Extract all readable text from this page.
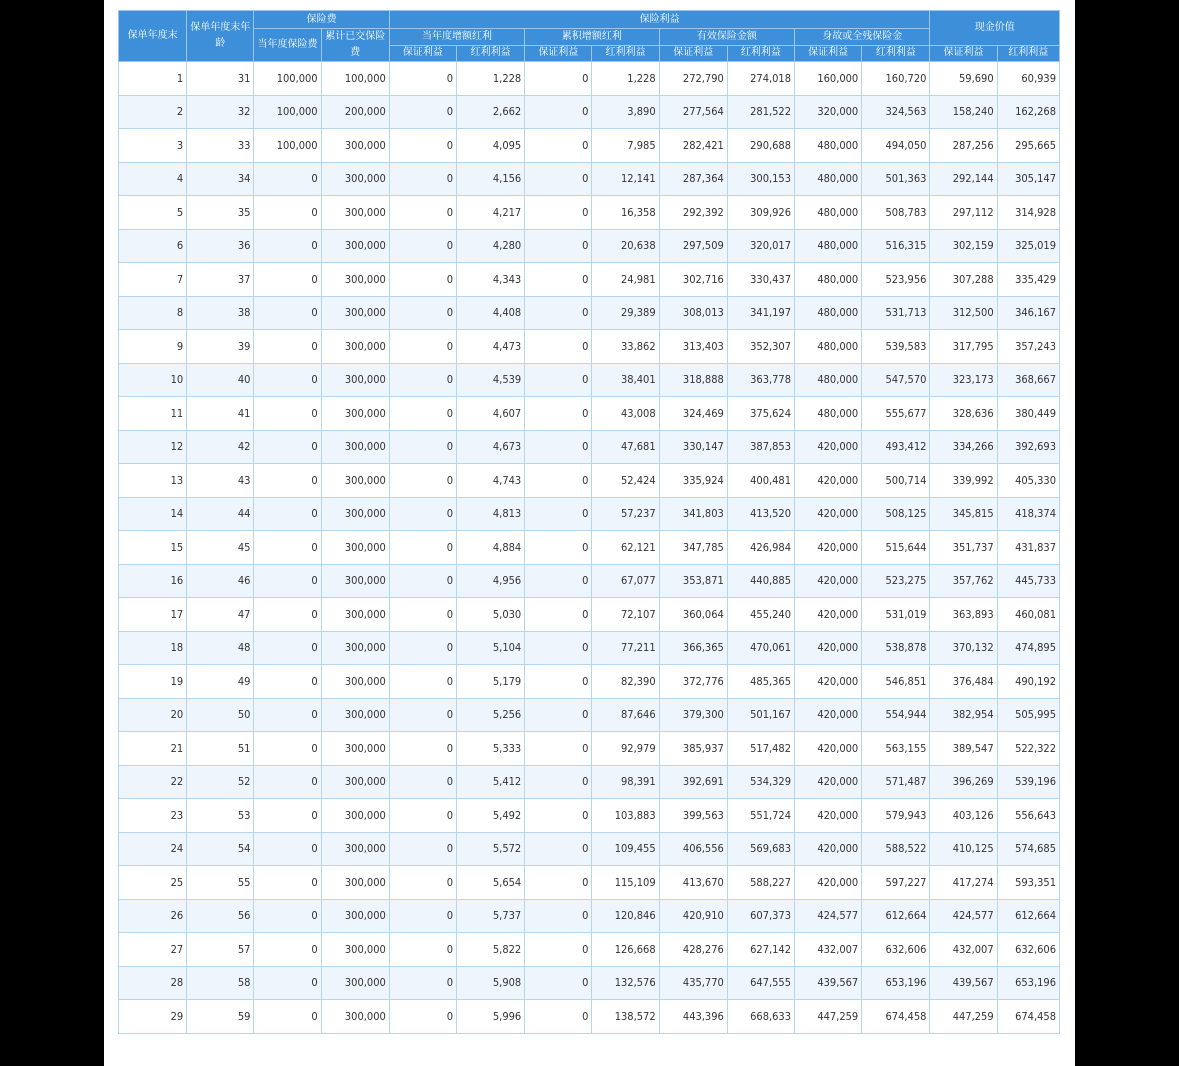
保单年度末	保单年度末年龄	保险费		保险利益								现金价值	
		当年度保险费	累计已交保险费	当年度增额红利		累积增额红利		有效保险金额		身故或全残保险金			
				保证利益	红利利益	保证利益	红利利益	保证利益	红利利益	保证利益	红利利益	保证利益	红利利益
1	31	100,000	100,000	0	1,228	0	1,228	272,790	274,018	160,000	160,720	59,690	60,939
2	32	100,000	200,000	0	2,662	0	3,890	277,564	281,522	320,000	324,563	158,240	162,268
3	33	100,000	300,000	0	4,095	0	7,985	282,421	290,688	480,000	494,050	287,256	295,665
4	34	0	300,000	0	4,156	0	12,141	287,364	300,153	480,000	501,363	292,144	305,147
5	35	0	300,000	0	4,217	0	16,358	292,392	309,926	480,000	508,783	297,112	314,928
6	36	0	300,000	0	4,280	0	20,638	297,509	320,017	480,000	516,315	302,159	325,019
7	37	0	300,000	0	4,343	0	24,981	302,716	330,437	480,000	523,956	307,288	335,429
8	38	0	300,000	0	4,408	0	29,389	308,013	341,197	480,000	531,713	312,500	346,167
9	39	0	300,000	0	4,473	0	33,862	313,403	352,307	480,000	539,583	317,795	357,243
10	40	0	300,000	0	4,539	0	38,401	318,888	363,778	480,000	547,570	323,173	368,667
11	41	0	300,000	0	4,607	0	43,008	324,469	375,624	480,000	555,677	328,636	380,449
12	42	0	300,000	0	4,673	0	47,681	330,147	387,853	420,000	493,412	334,266	392,693
13	43	0	300,000	0	4,743	0	52,424	335,924	400,481	420,000	500,714	339,992	405,330
14	44	0	300,000	0	4,813	0	57,237	341,803	413,520	420,000	508,125	345,815	418,374
15	45	0	300,000	0	4,884	0	62,121	347,785	426,984	420,000	515,644	351,737	431,837
16	46	0	300,000	0	4,956	0	67,077	353,871	440,885	420,000	523,275	357,762	445,733
17	47	0	300,000	0	5,030	0	72,107	360,064	455,240	420,000	531,019	363,893	460,081
18	48	0	300,000	0	5,104	0	77,211	366,365	470,061	420,000	538,878	370,132	474,895
19	49	0	300,000	0	5,179	0	82,390	372,776	485,365	420,000	546,851	376,484	490,192
20	50	0	300,000	0	5,256	0	87,646	379,300	501,167	420,000	554,944	382,954	505,995
21	51	0	300,000	0	5,333	0	92,979	385,937	517,482	420,000	563,155	389,547	522,322
22	52	0	300,000	0	5,412	0	98,391	392,691	534,329	420,000	571,487	396,269	539,196
23	53	0	300,000	0	5,492	0	103,883	399,563	551,724	420,000	579,943	403,126	556,643
24	54	0	300,000	0	5,572	0	109,455	406,556	569,683	420,000	588,522	410,125	574,685
25	55	0	300,000	0	5,654	0	115,109	413,670	588,227	420,000	597,227	417,274	593,351
26	56	0	300,000	0	5,737	0	120,846	420,910	607,373	424,577	612,664	424,577	612,664
27	57	0	300,000	0	5,822	0	126,668	428,276	627,142	432,007	632,606	432,007	632,606
28	58	0	300,000	0	5,908	0	132,576	435,770	647,555	439,567	653,196	439,567	653,196
29	59	0	300,000	0	5,996	0	138,572	443,396	668,633	447,259	674,458	447,259	674,458
